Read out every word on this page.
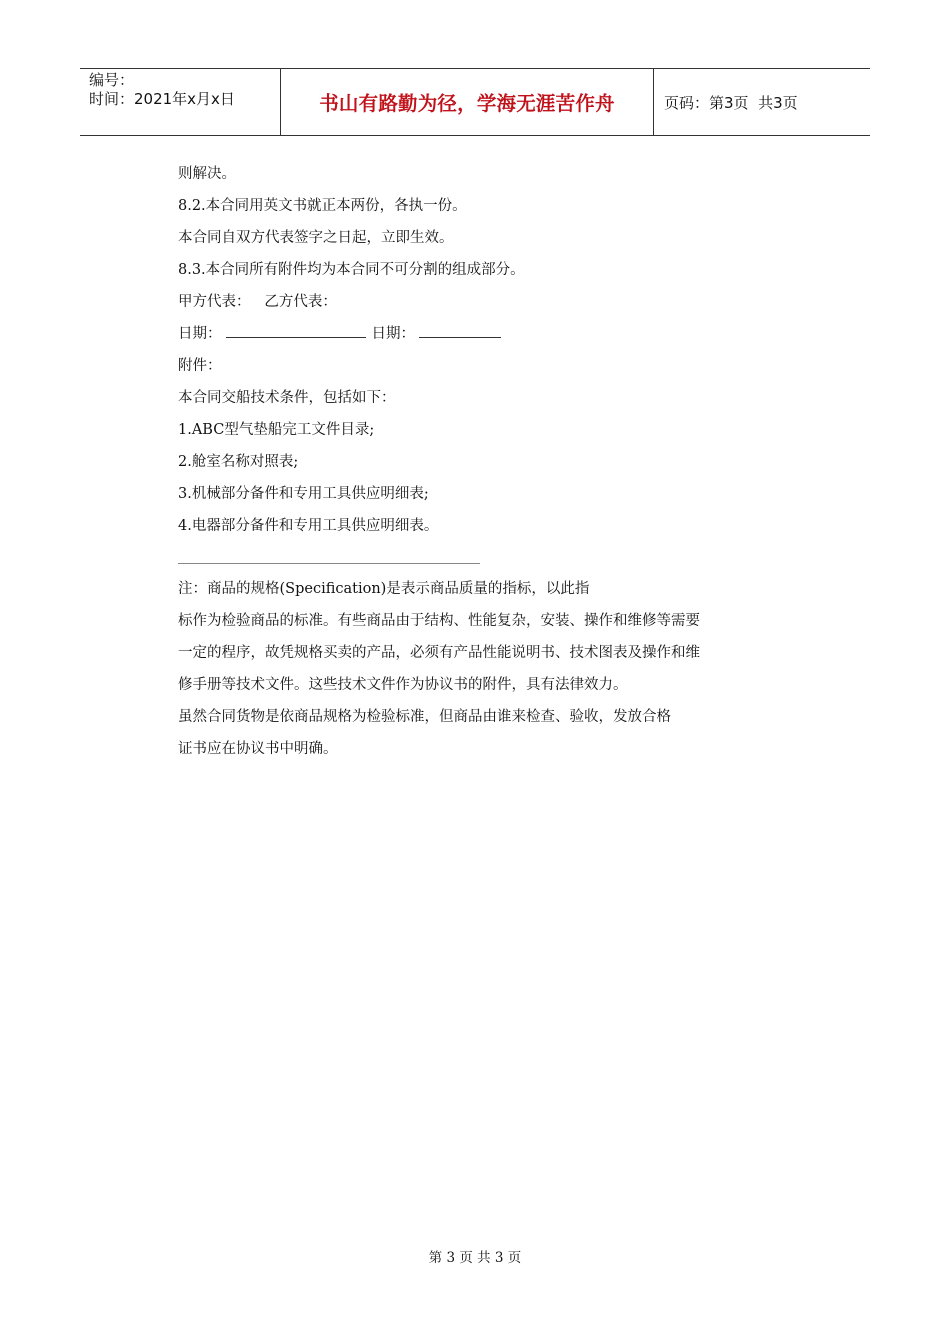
编号：
时间：2021年x月x日	书山有路勤为径，学海无涯苦作舟	页码：第3页  共3页
则解决。
8.2.本合同用英文书就正本两份，各执一份。
本合同自双方代表签字之日起，立即生效。
8.3.本合同所有附件均为本合同不可分割的组成部分。
甲方代表：   乙方代表：
日期：	日期：
附件：
本合同交船技术条件，包括如下：
1.ABC型气垫船完工文件目录;
2.舱室名称对照表;
3.机械部分备件和专用工具供应明细表;
4.电器部分备件和专用工具供应明细表。
注：商品的规格(Specification)是表示商品质量的指标，以此指
标作为检验商品的标准。有些商品由于结构、性能复杂，安装、操作和维修等需要
一定的程序，故凭规格买卖的产品，必须有产品性能说明书、技术图表及操作和维
修手册等技术文件。这些技术文件作为协议书的附件，具有法律效力。
虽然合同货物是依商品规格为检验标准，但商品由谁来检查、验收，发放合格
证书应在协议书中明确。
第 3 页 共 3 页
